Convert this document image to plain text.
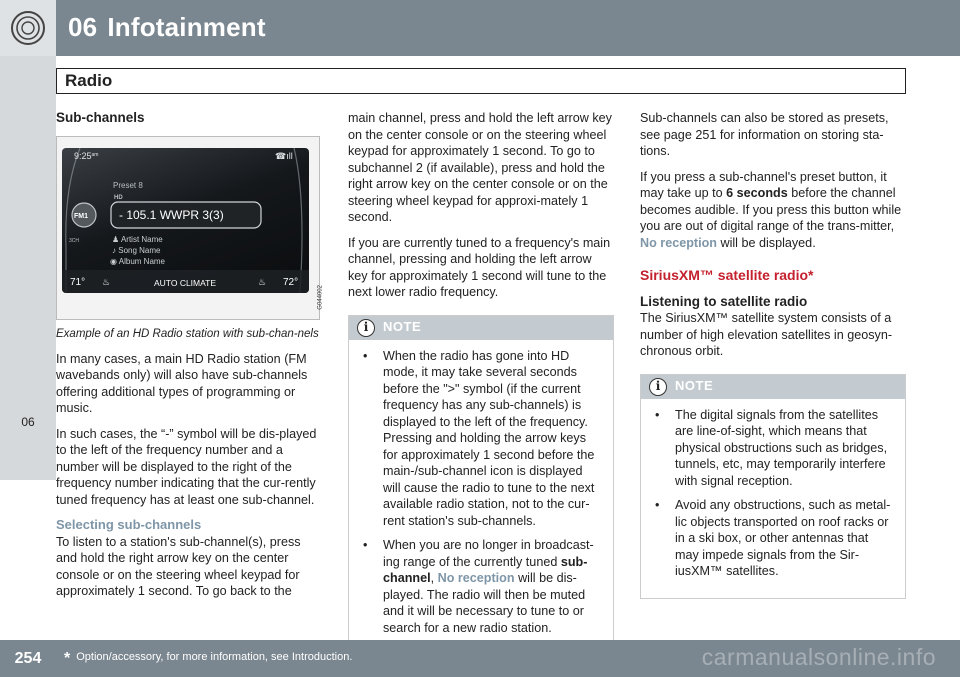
06 Infotainment
Radio
06
Sub-channels
$9:25^{am}$	☎ıll
Preset 8
HD
FM1	- 105.1 WWPR 3(3)
3CH	♟ Artist Name
♪ Song Name
◉ Album Name
71° ♨	AUTO CLIMATE	♨ 72°
G044002
Example of an HD Radio station with sub-chan-nels

In many cases, a main HD Radio station (FM wavebands only) will also have sub-channels offering additional types of programming or music.

In such cases, the “-” symbol will be dis-played to the left of the frequency number and a number will be displayed to the right of the frequency number indicating that the cur-rently tuned frequency has at least one sub-channel.

Selecting sub-channels

To listen to a station's sub-channel(s), press and hold the right arrow key on the center console or on the steering wheel keypad for approximately 1 second. To go back to the

main channel, press and hold the left arrow key on the center console or on the steering wheel keypad for approximately 1 second. To go to subchannel 2 (if available), press and hold the right arrow key on the center console or on the steering wheel keypad for approxi-mately 1 second.

If you are currently tuned to a frequency's main channel, pressing and holding the left arrow key for approximately 1 second will tune to the next lower radio frequency.

i	NOTE
• When the radio has gone into HD mode, it may take several seconds before the ">" symbol (if the current frequency has any sub-channels) is displayed to the left of the frequency. Pressing and holding the arrow keys for approximately 1 second before the main-/sub-channel icon is displayed will cause the radio to tune to the next available radio station, not to the cur-rent station's sub-channels.
• When you are no longer in broadcast-ing range of the currently tuned sub-channel, No reception will be dis-played. The radio will then be muted and it will be necessary to tune to or search for a new radio station.

Sub-channels can also be stored as presets, see page 251 for information on storing sta-tions.

If you press a sub-channel's preset button, it may take up to 6 seconds before the channel becomes audible. If you press this button while you are out of digital range of the trans-mitter, No reception will be displayed.

SiriusXM™ satellite radio*
Listening to satellite radio

The SiriusXM™ satellite system consists of a number of high elevation satellites in geosyn-chronous orbit.

i	NOTE
• The digital signals from the satellites are line-of-sight, which means that physical obstructions such as bridges, tunnels, etc, may temporarily interfere with signal reception.
• Avoid any obstructions, such as metal-lic objects transported on roof racks or in a ski box, or other antennas that may impede signals from the Sir-iusXM™ satellites.
254	* Option/accessory, for more information, see Introduction.	carmanualsonline.info
